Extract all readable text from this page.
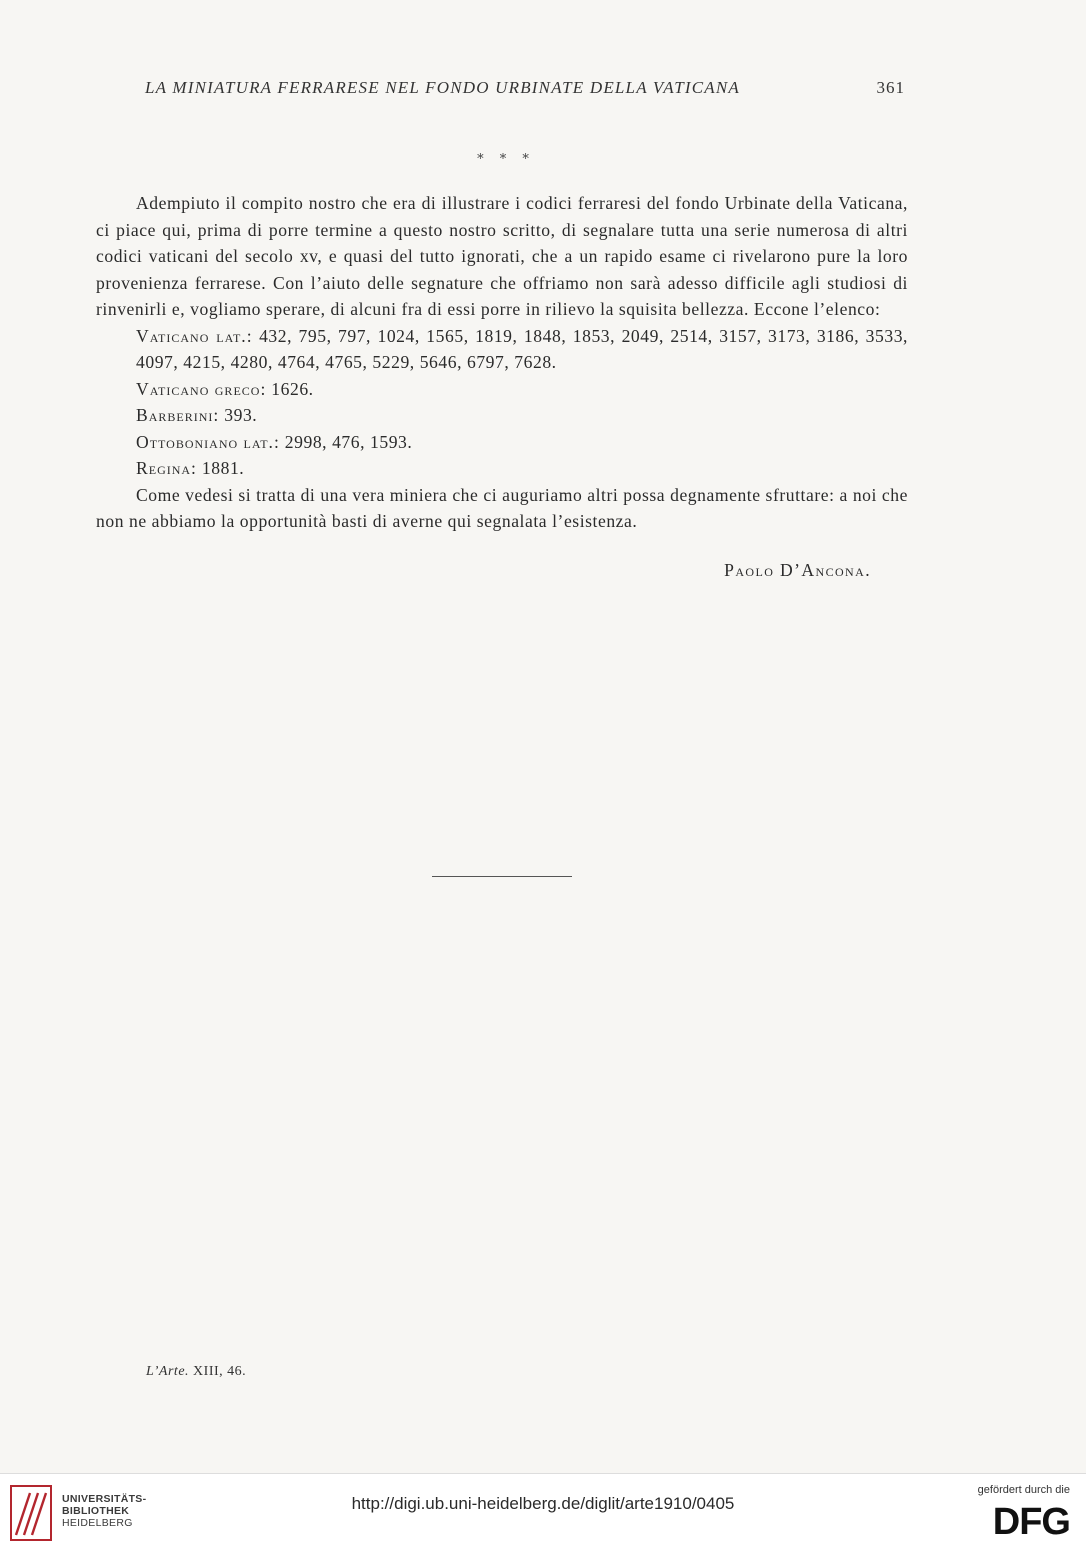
LA MINIATURA FERRARESE NEL FONDO URBINATE DELLA VATICANA	361
* * *

Adempiuto il compito nostro che era di illustrare i codici ferraresi del fondo Urbinate della Vaticana, ci piace qui, prima di porre termine a questo nostro scritto, di segnalare tutta una serie numerosa di altri codici vaticani del secolo xv, e quasi del tutto ignorati, che a un rapido esame ci rivelarono pure la loro provenienza ferrarese. Con l’aiuto delle segnature che offriamo non sarà adesso difficile agli studiosi di rinvenirli e, vogliamo sperare, di alcuni fra di essi porre in rilievo la squisita bellezza. Eccone l’elenco:

Vaticano lat.: 432, 795, 797, 1024, 1565, 1819, 1848, 1853, 2049, 2514, 3157, 3173, 3186, 3533, 4097, 4215, 4280, 4764, 4765, 5229, 5646, 6797, 7628.

Vaticano greco: 1626.

Barberini: 393.

Ottoboniano lat.: 2998, 476, 1593.

Regina: 1881.

Come vedesi si tratta di una vera miniera che ci auguriamo altri possa degnamente sfruttare: a noi che non ne abbiamo la opportunità basti di averne qui segnalata l’esistenza.

Paolo D’Ancona.
L’Arte. XIII, 46.
UNIVERSITÄTS-
BIBLIOTHEK
HEIDELBERG
http://digi.ub.uni-heidelberg.de/diglit/arte1910/0405
gefördert durch die
DFG
